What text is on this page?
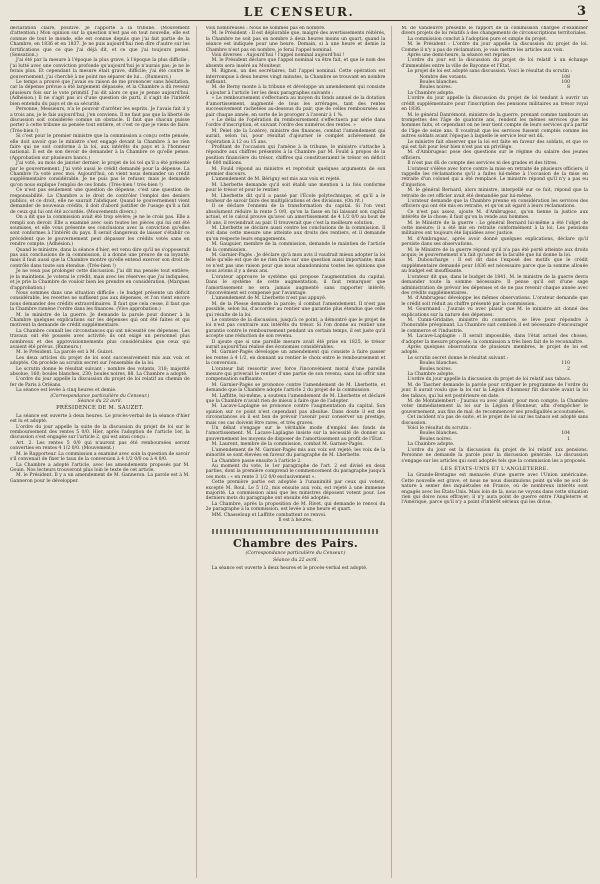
LE CENSEUR.	3

déclaration claire, positive. Je l'apporte à la tribune. (Mouvement d'attention.) Mon opinion sur la question n'est pas en tout nouvelle, elle est connue de tout le monde, elle est connue depuis que j'ai fait partie de la Chambre, en 1836 et en 1837. Je ne puis aujourd'hui rien dire d'autre sur les fortifications que ce que j'ai déjà dit, et ce que j'ai toujours pensé. (Sensation.)

J'ai été par la mesure à l'époque la plus grave, à l'époque la plus difficile ; j'ai lutté avec une conviction profonde qu'aujourd'hui je n'aurais pas; je ne le ferais plus. Et cependant la mesure était grave, difficile; j'ai été contre le gouvernement, j'ai cherché à ne point me séparer de lui... (Rumeurs.)

Le temps a prouvé que j'avais eu raison de me prononcer sans hésitation, car la dépense prévue a été largement dépassée, et la Chambre a dû revenir plusieurs fois sur le vote primitif. J'ai dit alors ce que je pense aujourd'hui. (Adhésion.) Il ne s'agit pas ici d'une question de parti, il s'agit de l'intérêt bien entendu du pays et de sa sécurité.

Personne, Messieurs, n'a le pouvoir d'arrêter les esprits. Je l'avais fait il y a trois ans, je le fais aujourd'hui, j'en conviens. Il ne faut pas que la liberté de discussion soit considérée comme un obstacle. Il faut que chacun puisse porter à cette tribune sa pensée tout entière, et c'est ce que je viens de faire. (Très-bien !)

Si c'est pour le premier ministre que la commission a conçu cette pensée, elle doit savoir que le ministre s'est engagé devant la Chambre à ne rien faire qui ne soit conforme à la loi, aux intérêts du pays et à l'honneur national. Il est de son devoir de demander à la Chambre ce qu'elle pense. (Approbation sur plusieurs bancs.)

J'ai voté, au mois de janvier dernier, le projet de loi tel qu'il a été présenté par le gouvernement. J'ai voté aussi le crédit demandé pour la dépense. La Chambre l'a voté avec moi. Aujourd'hui, on vient nous demander un crédit supplémentaire considérable. Je ne puis pas le refuser, mais je demande qu'on nous explique l'emploi de ces fonds. (Très-bien ! très-bien !)

Ce n'est pas seulement une question de dépense, c'est une question de responsabilité. La Chambre a le droit de contrôler l'emploi des deniers publics, et ce droit, elle ne saurait l'abdiquer. Quand le gouvernement vient demander de nouveaux crédits, il doit d'abord justifier de l'usage qu'il a fait de ceux qui lui ont été accordés. (Mouvements divers.)

On a dit que la commission avait été trop sévère; je ne le crois pas. Elle a rempli son devoir. Elle a examiné avec soin toutes les pièces qui lui ont été soumises, et elle vous présente ses conclusions avec la conviction qu'elles sont conformes à l'intérêt du pays. Il serait dangereux de laisser s'établir ce précédent que le gouvernement peut dépasser les crédits votés sans en rendre compte. (Adhésion.)

Quand le ministre, dans la séance d'hier, est venu dire qu'il ne s'opposerait pas aux conclusions de la commission, il a donné une preuve de sa loyauté; mais il faut aussi que la Chambre montre qu'elle entend exercer son droit de contrôle dans toute son étendue. (Très-bien !)

Je ne veux pas prolonger cette discussion. J'ai dit ma pensée tout entière; je la maintiens. Je voterai le crédit, mais avec les réserves que j'ai indiquées, et je prie la Chambre de vouloir bien les prendre en considération. (Marques d'approbation.)

Nous sommes dans une situation difficile : le budget présente un déficit considérable, les recettes ne suffisent pas aux dépenses, et l'on vient encore nous demander des crédits extraordinaires. Il faut que cela cesse, il faut que la Chambre ramène l'ordre dans les finances. (Vive approbation.)

M. le ministre de la guerre. Je demande la parole pour donner à la Chambre quelques explications sur les dépenses qui ont été faites et qui motivent la demande de crédit supplémentaire.

La Chambre connaît les circonstances qui ont nécessité ces dépenses. Les travaux ont été poussés avec activité; ils ont exigé un personnel plus nombreux et des approvisionnements plus considérables que ceux qui avaient été prévus. (Rumeurs.)

M. le Président. La parole est à M. Guizot.

Les deux articles du projet de loi sont successivement mis aux voix et adoptés. On procède au scrutin secret sur l'ensemble de la loi.

Le scrutin donne le résultat suivant : nombre des votants, 318; majorité absolue, 160; boules blanches, 230; boules noires, 88. La Chambre a adopté.

L'ordre du jour appelle la discussion du projet de loi relatif au chemin de fer de Paris à Orléans.

La séance est levée à cinq heures et demie.

(Correspondance particulière du Censeur.)

Séance du 22 avril.

PRÉSIDENCE DE M. SAUZET.

La séance est ouverte à deux heures. Le procès-verbal de la séance d'hier est lu et adopté.

L'ordre du jour appelle la suite de la discussion du projet de loi sur le remboursement des rentes 5 0/0. Hier, après l'adoption de l'article 1er, la discussion s'est engagée sur l'article 2, qui est ainsi conçu :

Art. 2. Les rentes 5 0/0 qui n'auront pas été remboursées seront converties en rentes 4 1/2 0/0. (Mouvement.)

M. le Rapporteur. La commission a examiné avec soin la question de savoir s'il convenait de fixer le taux de la conversion à 4 1/2 0/0 ou à 4 0/0.

La Chambre a adopté l'article, avec les amendements proposés par M. Gouin. Nos lecteurs trouveront plus loin le texte de cet article.

M. le Président. Il y a un amendement de M. Ganneron. La parole est à M. Ganneron pour le développer.

Voix nombreuses : Nous ne sommes pas en nombre.

M. le Président : Il est déplorable que, malgré des avertissements réitérés, la Chambre ne soit pas en nombre à deux heures moins un quart, quand la séance est indiquée pour une heure. Demain, si à une heure et demie la Chambre n'est pas en nombre, je ferai l'appel nominal.

Voix diverses : Aujourd'hui ! l'appel nominal aujourd'hui !

M. le Président déclare que l'appel nominal va être fait, et que le nom des absents sera inséré au Moniteur.

M. Bignon, un des secrétaires, fait l'appel nominal. Cette opération est interrompue à deux heures vingt minutes, la Chambre se trouvant en nombre suffisant.

M. de Berny monte à la tribune et développe un amendement qui consiste à ajouter à l'article 1er les deux paragraphes suivants :

« Le remboursement s'effectuera au moyen du fonds annuel de la dotation d'amortissement, augmenté de tous les arrérages, tant des rentes successivement rachetées au-dessous du pair, que de celles remboursées au pair chaque année, en sorte de le proroger à l'avenir à 1 %.

« Le délai de l'opération du remboursement s'effectuera par série dans l'ordre d'inscription, et suivant l'ordre des numéros des rentes. »

M. Pelet (de la Lozère), ministre des finances, combat l'amendement qui aurait, selon lui, pour résultat d'ajourner le complet achèvement de l'opération à 12 ou 15 ans.

Profitant de l'occasion qui l'amène à la tribune, le ministre s'attache à répondre aux chiffres présentés à la Chambre par M. Fould à propos de la position financière du trésor, chiffres qui constitueraient le trésor en déficit de 600 millions.

M. Fould répond au ministre et reproduit quelques arguments de son premier discours.

L'amendement de M. Bérigny est mis aux voix et rejeté.

M. Lherbette demande qu'il soit établi une mention à la fois conforme pour le trésor et pour le rentier.

M. Lherbette dit qu'il a passé par l'École polytechnique, et qu'il a le bonheur de savoir faire des multiplications et des divisions. (On rit.)

Il se déclare l'ennemi de la transformation du capital. Si l'on veut absolument réduire la rente 5 0/0, qu'on la fasse en lui laissant son capital actuel, et le calcul prouve qu'avec un amortissement de 4 1/2 0/0 au bout de 30 ans, il reviendrait au pair. Il trouverait que c'est la meilleure solution.

M. Lherbette se déclare aussi contre les conclusions de la commission. Il voit dans cette mesure une atteinte aux droits des rentiers, et il demande qu'on respecte leurs engagements.

M. Gauguier, membre de la commission, demande le maintien de l'article de la commission.

M. Garnier-Pagès : Je déclare qu'à mon avis il vaudrait mieux adopter la loi telle qu'elle est que de ne rien faire sur une question aussi importante; mais ce n'est pas une raison pour que nous abandonnions toutes les opinions que nous avions il y a deux ans.

L'orateur approuve le système qui propose l'augmentation du capital. Dans le système de cette augmentation, il faut remarquer que l'amortissement ne sera jamais augmenté sans rapporter intérêt; l'inconvénient est compensé par l'avantage.

L'amendement de M. Lherbette n'est pas appuyé.

M. de la Plesse demande la parole; il combat l'amendement. Il n'est pas possible, selon lui, d'accorder au rentier une garantie plus étendue que celle qui résulte de la loi.

Le contexte de la discussion, jusqu'à ce point, a démontré que le projet de loi n'est pas contraire aux intérêts du trésor. Si l'on donne au rentier une garantie contre le remboursement pendant un certain temps, il est juste qu'il accepte une réduction de son revenu.

Il ajoute que si une pareille mesure avait été prise en 1825, le trésor aurait aujourd'hui réalisé des économies considérables.

M. Garnier-Pagès développe un amendement qui consiste à faire passer les rentes à 4 1/2, en donnant au rentier le choix entre le remboursement et la conversion.

L'orateur fait ressortir avec force l'inconvénient moral d'une pareille mesure qui priverait le rentier d'une partie de son revenu, sans lui offrir une compensation suffisante.

M. Garnier-Pagès se prononce contre l'amendement de M. Lherbette, et demande que la Chambre adopte l'article 2 du projet de la commission.

M. Laffitte, lui-même, a soutenu l'amendement de M. Lherbette et déclaré que la Chambre n'avait rien de mieux à faire que de l'adopter.

M. Lacave-Laplagne se prononce contre l'augmentation du capital. Son opinion sur ce point n'est cependant pas absolue. Dans doute il est des circonstances où il est bon de prévoir l'avenir pour conserver un prestige, mais ces cas doivent être rares, et très graves.

Un débat s'engage sur le véritable mode d'emploi des fonds de l'amortissement. M. Lacave-Laplagne insiste sur la nécessité de donner au gouvernement les moyens de disposer de l'amortissement au profit de l'État.

M. Laurent, membre de la commission, combat M. Garnier-Pagès.

L'amendement de M. Garnier-Pagès mis aux voix est rejeté; les voix de la minorité se sont élevées en faveur du paragraphe de M. Lherbette.

La Chambre passe ensuite à l'article 2.

Au moment du vote, le 1er paragraphe de l'art. 2 est divisé en deux parties, dont la première comprend le commencement du paragraphe jusqu'à ces mots : « en rente 3 1/2 0/0 exclusivement ».

Cette première partie est adoptée à l'unanimité par ceux qui votent, excepté M. Roul. Le 5 1/2, mis ensuite aux voix, est rejeté à une immense majorité. La commission ainsi que les ministres déposent votent pour. Les derniers mots du paragraphe ont ensuite été adoptés.

La Chambre, après la proposition de M. Rivet, qui demande le renvoi du 2e paragraphe à la commission, est levée à une heure et quart.

MM. Chasseloup et Laffitte combattent ce renvoi.

Il est à heures.

Chambre des Pairs.
(Correspondance particulière du Censeur.)
Séance du 22 avril.

La séance est ouverte à deux heures et le procès-verbal est adopté.

M. de Vandeuvre présente le rapport de la commission chargée d'examiner divers projets de loi relatifs à des changements de circonscriptions territoriales.

La commission conclut à l'adoption pure et simple du projet.

M. le Président : L'ordre du jour appelle la discussion du projet de loi. Comme il n'y a pas de réclamation, je vais mettre les articles aux voix.

Après une demi-heure, la séance est reprise.

L'ordre du jour est la discussion du projet de loi relatif à un échange d'immeubles entre la ville de Bayonne et l'État.

Le projet de loi est adopté sans discussion. Voici le résultat du scrutin :

Nombre des votants.	108
Boules blanches.	100
Boules noires.	8

La Chambre adopte.

L'ordre du jour appelle la discussion du projet de loi tendant à ouvrir un crédit supplémentaire pour l'inscription des pensions militaires au trésor royal en 1836.

M. le général Danrémont, ministre de la guerre, prenant comme tambours un trompettes des l'âge de quatorze ans, rendent les mêmes services que les hommes faits, et cependant on ne leur tient compte de leurs services qu'à partir de l'âge de seize ans. Il voudrait que les services fussent comptés comme les autres soldats avant l'époque à laquelle le service leur est dû.

Le ministre fait observer que la loi est faite en faveur des soldats, et que ce qui est fait pour leur bien n'est pas un privilège.

M. d'Ambrugeac pose des questions sur le régime du salaire des jeunes officiers.

Il n'est pas dû de compte des services ni des grades et des titres.

L'orateur s'élève avec force contre la mise en retraite de plusieurs officiers; il rappelle les réclamations qu'il a faites lui-même à l'occasion de la mise en retraite d'un colonel qui a été remplacé. Le ministre répond qu'il n'y a pas eu d'injustice.

M. le général Bernard, alors ministre, interpellé sur ce fait, répond que la retraite de cet officier avait été demandée par lui-même.

L'orateur demande que la Chambre prenne en considération les services des officiers qui ont été mis en retraite, et qu'on ait égard à leurs réclamations.

Ce n'est pas assez, ajoute M. d'Ambrugeac, qu'on tienne la justice aux intérêts de la chose; il faut qu'on la rende aux hommes.

M. le Ministre de la guerre : Le général Bernard lui-même a été l'objet de cette mesure; il a été mis en retraite conformément à la loi. Les pensions militaires ont toujours été liquidées avec justice.

M. d'Ambrugeac, après avoir donné quelques explications, déclare qu'il persiste dans ses observations.

M. le Ministre de la guerre répond qu'il n'a pas été porté atteinte aux droits acquis; le gouvernement n'a fait qu'user de la faculté que lui donne la loi.

M. Duboucharge : Il est dit dans l'exposé des motifs que le crédit supplémentaire demandé pour 1836 est nécessaire parce que la somme allouée au budget est insuffisante.

L'orateur dit que, dans le budget de 1841, M. le ministre de la guerre devra demander toute la somme nécessaire. Il pense qu'il est d'une sage administration de prévoir les dépenses et de ne pas revenir chaque année avec des crédits supplémentaires.

M. d'Ambrugeac développe les mêmes observations. L'orateur demande que le crédit soit réduit au chiffre présenté par la commission.

M. Gourmand : J'aurais vu avec plaisir que M. le ministre ait donné des explications sur la nature des dépenses.

M. Cunin-Gridaine, ministre du commerce, se lève pour répondre à l'honorable préopinant. La Chambre sait combien il est nécessaire d'encourager le commerce et l'industrie.

M. Lacave-Laplagne : Il serait impossible, dans l'état actuel des choses, d'adopter la mesure proposée; la commission a très bien fait de le reconnaître.

Après quelques observations de plusieurs membres, le projet de loi est adopté.

Le scrutin secret donne le résultat suivant :

Boules blanches.	110
Boules noires.	2

La Chambre adopte.

L'ordre du jour appelle la discussion du projet de loi relatif aux tabacs.

M. de Tascher demande la parole pour critiquer le programme de l'ordre du jour. Il aurait voulu que la loi sur la Légion d'honneur fût discutée avant la loi des tabacs, qui lui est postérieure en date.

M. de Montalembert : J'aurais vu avec plaisir, pour mon compte, la Chambre voter immédiatement la loi sur la Légion d'Honneur, afin d'empêcher le gouvernement, aux fins de mal, de recommencer ses prodigalités accoutumées.

Cet incident n'a pas de suite, et le projet de loi sur les tabacs est adopté sans discussion.

Voici le résultat du scrutin :

Boules blanches.	104
Boules noires.	1

La Chambre adopte.

L'ordre du jour est la discussion du projet de loi relatif aux pensions. Personne ne demande la parole pour la discussion générale. La discussion s'engage sur les articles qui sont adoptés tels que la commission les a proposés.

LES ÉTATS-UNIS ET L'ANGLETERRE.

La Grande-Bretagne est menacée d'une guerre avec l'Union américaine. Cette nouvelle est grave, et nous ne nous dissimulons point qu'elle ne soit de nature à semer des inquiétudes en France, où de nombreux intérêts sont engagés avec les États-Unis. Mais loin de là, nous ne voyons dans cette situation rien qui doive nous effrayer; il n'y aura point de guerre entre l'Angleterre et l'Amérique, parce qu'il n'y a point d'intérêt sérieux qui les divise.
